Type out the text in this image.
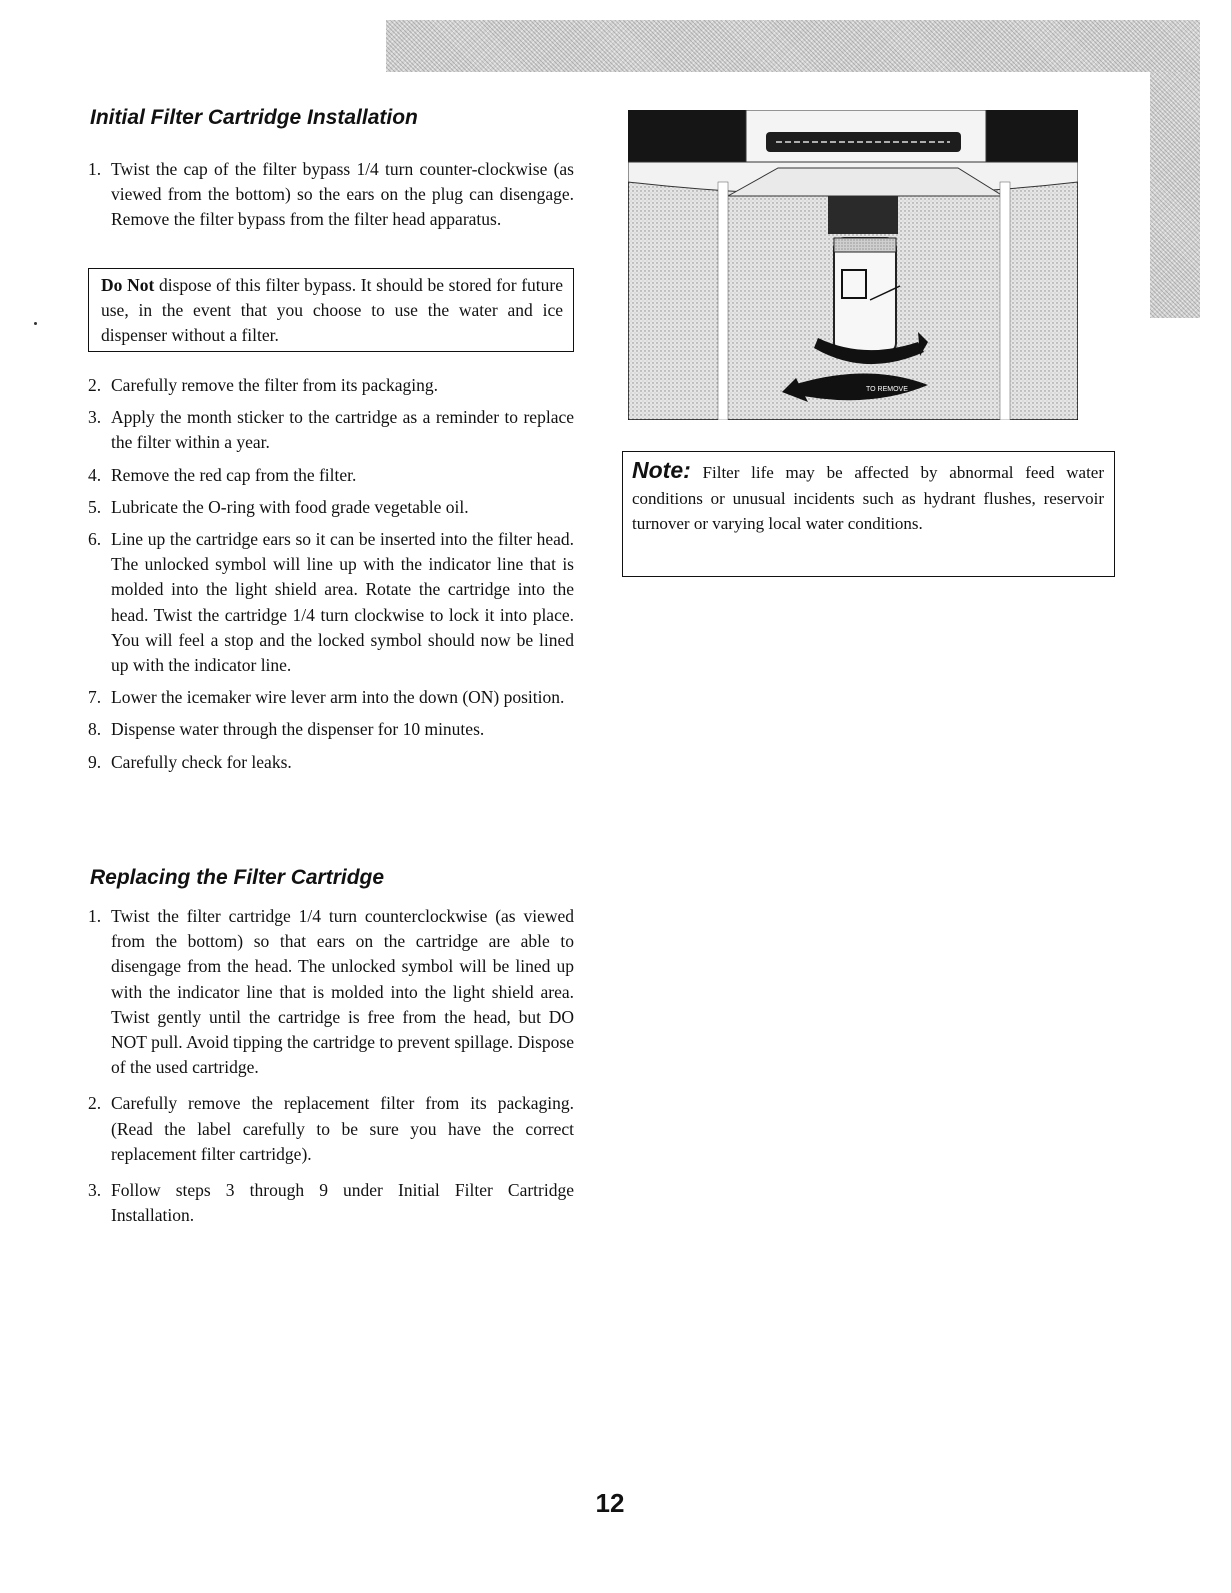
Initial Filter Cartridge Installation
1. Twist the cap of the filter bypass 1/4 turn counter-clockwise (as viewed from the bottom) so the ears on the plug can disengage. Remove the filter bypass from the filter head apparatus.

Do Not dispose of this filter bypass. It should be stored for future use, in the event that you choose to use the water and ice dispenser without a filter.

2. Carefully remove the filter from its packaging.
3. Apply the month sticker to the cartridge as a reminder to replace the filter within a year.
4. Remove the red cap from the filter.
5. Lubricate the O-ring with food grade vegetable oil.
6. Line up the cartridge ears so it can be inserted into the filter head. The unlocked symbol will line up with the indicator line that is molded into the light shield area. Rotate the cartridge into the head. Twist the cartridge 1/4 turn clockwise to lock it into place. You will feel a stop and the locked symbol should now be lined up with the indicator line.
7. Lower the icemaker wire lever arm into the down (ON) position.
8. Dispense water through the dispenser for 10 minutes.
9. Carefully check for leaks.
Replacing the Filter Cartridge
1. Twist the filter cartridge 1/4 turn counterclockwise (as viewed from the bottom) so that ears on the cartridge are able to disengage from the head. The unlocked symbol will be lined up with the indicator line that is molded into the light shield area. Twist gently until the cartridge is free from the head, but DO NOT pull. Avoid tipping the cartridge to prevent spillage. Dispose of the used cartridge.
2. Carefully remove the replacement filter from its packaging. (Read the label carefully to be sure you have the correct replacement filter cartridge).
3. Follow steps 3 through 9 under Initial Filter Cartridge Installation.
TO REMOVE

Note: Filter life may be affected by abnormal feed water conditions or unusual incidents such as hydrant flushes, reservoir turnover or varying local water conditions.

12
